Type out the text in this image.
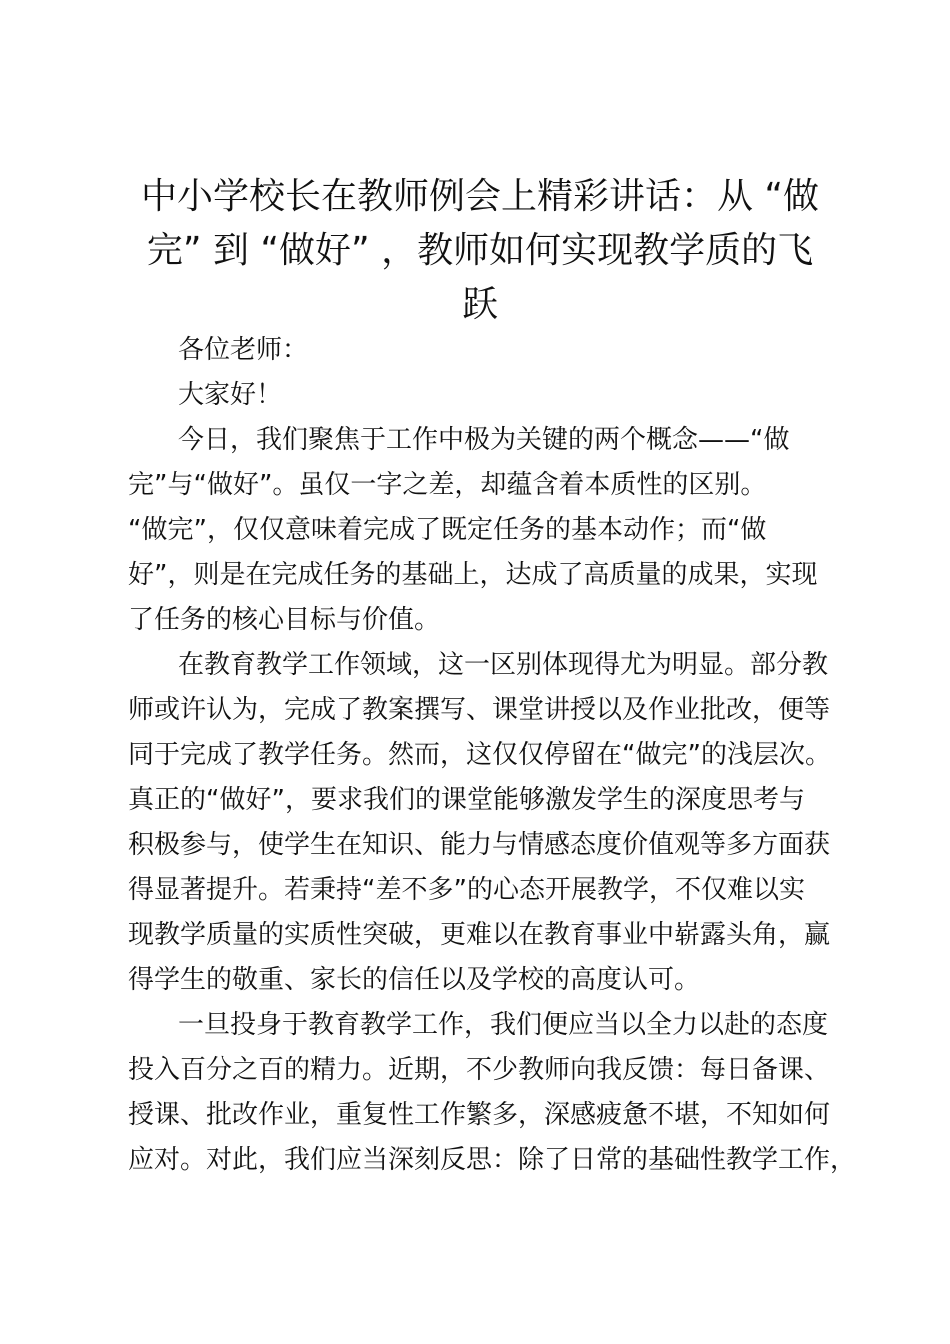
中小学校长在教师例会上精彩讲话：从 “做
完” 到 “做好” ，教师如何实现教学质的飞
跃

各位老师：

大家好！

今日，我们聚焦于工作中极为关键的两个概念——“做
完”与“做好”。虽仅一字之差，却蕴含着本质性的区别。
“做完”，仅仅意味着完成了既定任务的基本动作；而“做
好”，则是在完成任务的基础上，达成了高质量的成果，实现
了任务的核心目标与价值。

在教育教学工作领域，这一区别体现得尤为明显。部分教
师或许认为，完成了教案撰写、课堂讲授以及作业批改，便等
同于完成了教学任务。然而，这仅仅停留在“做完”的浅层次。
真正的“做好”，要求我们的课堂能够激发学生的深度思考与
积极参与，使学生在知识、能力与情感态度价值观等多方面获
得显著提升。若秉持“差不多”的心态开展教学，不仅难以实
现教学质量的实质性突破，更难以在教育事业中崭露头角，赢
得学生的敬重、家长的信任以及学校的高度认可。

一旦投身于教育教学工作，我们便应当以全力以赴的态度
投入百分之百的精力。近期，不少教师向我反馈：每日备课、
授课、批改作业，重复性工作繁多，深感疲惫不堪，不知如何
应对。对此，我们应当深刻反思：除了日常的基础性教学工作，
